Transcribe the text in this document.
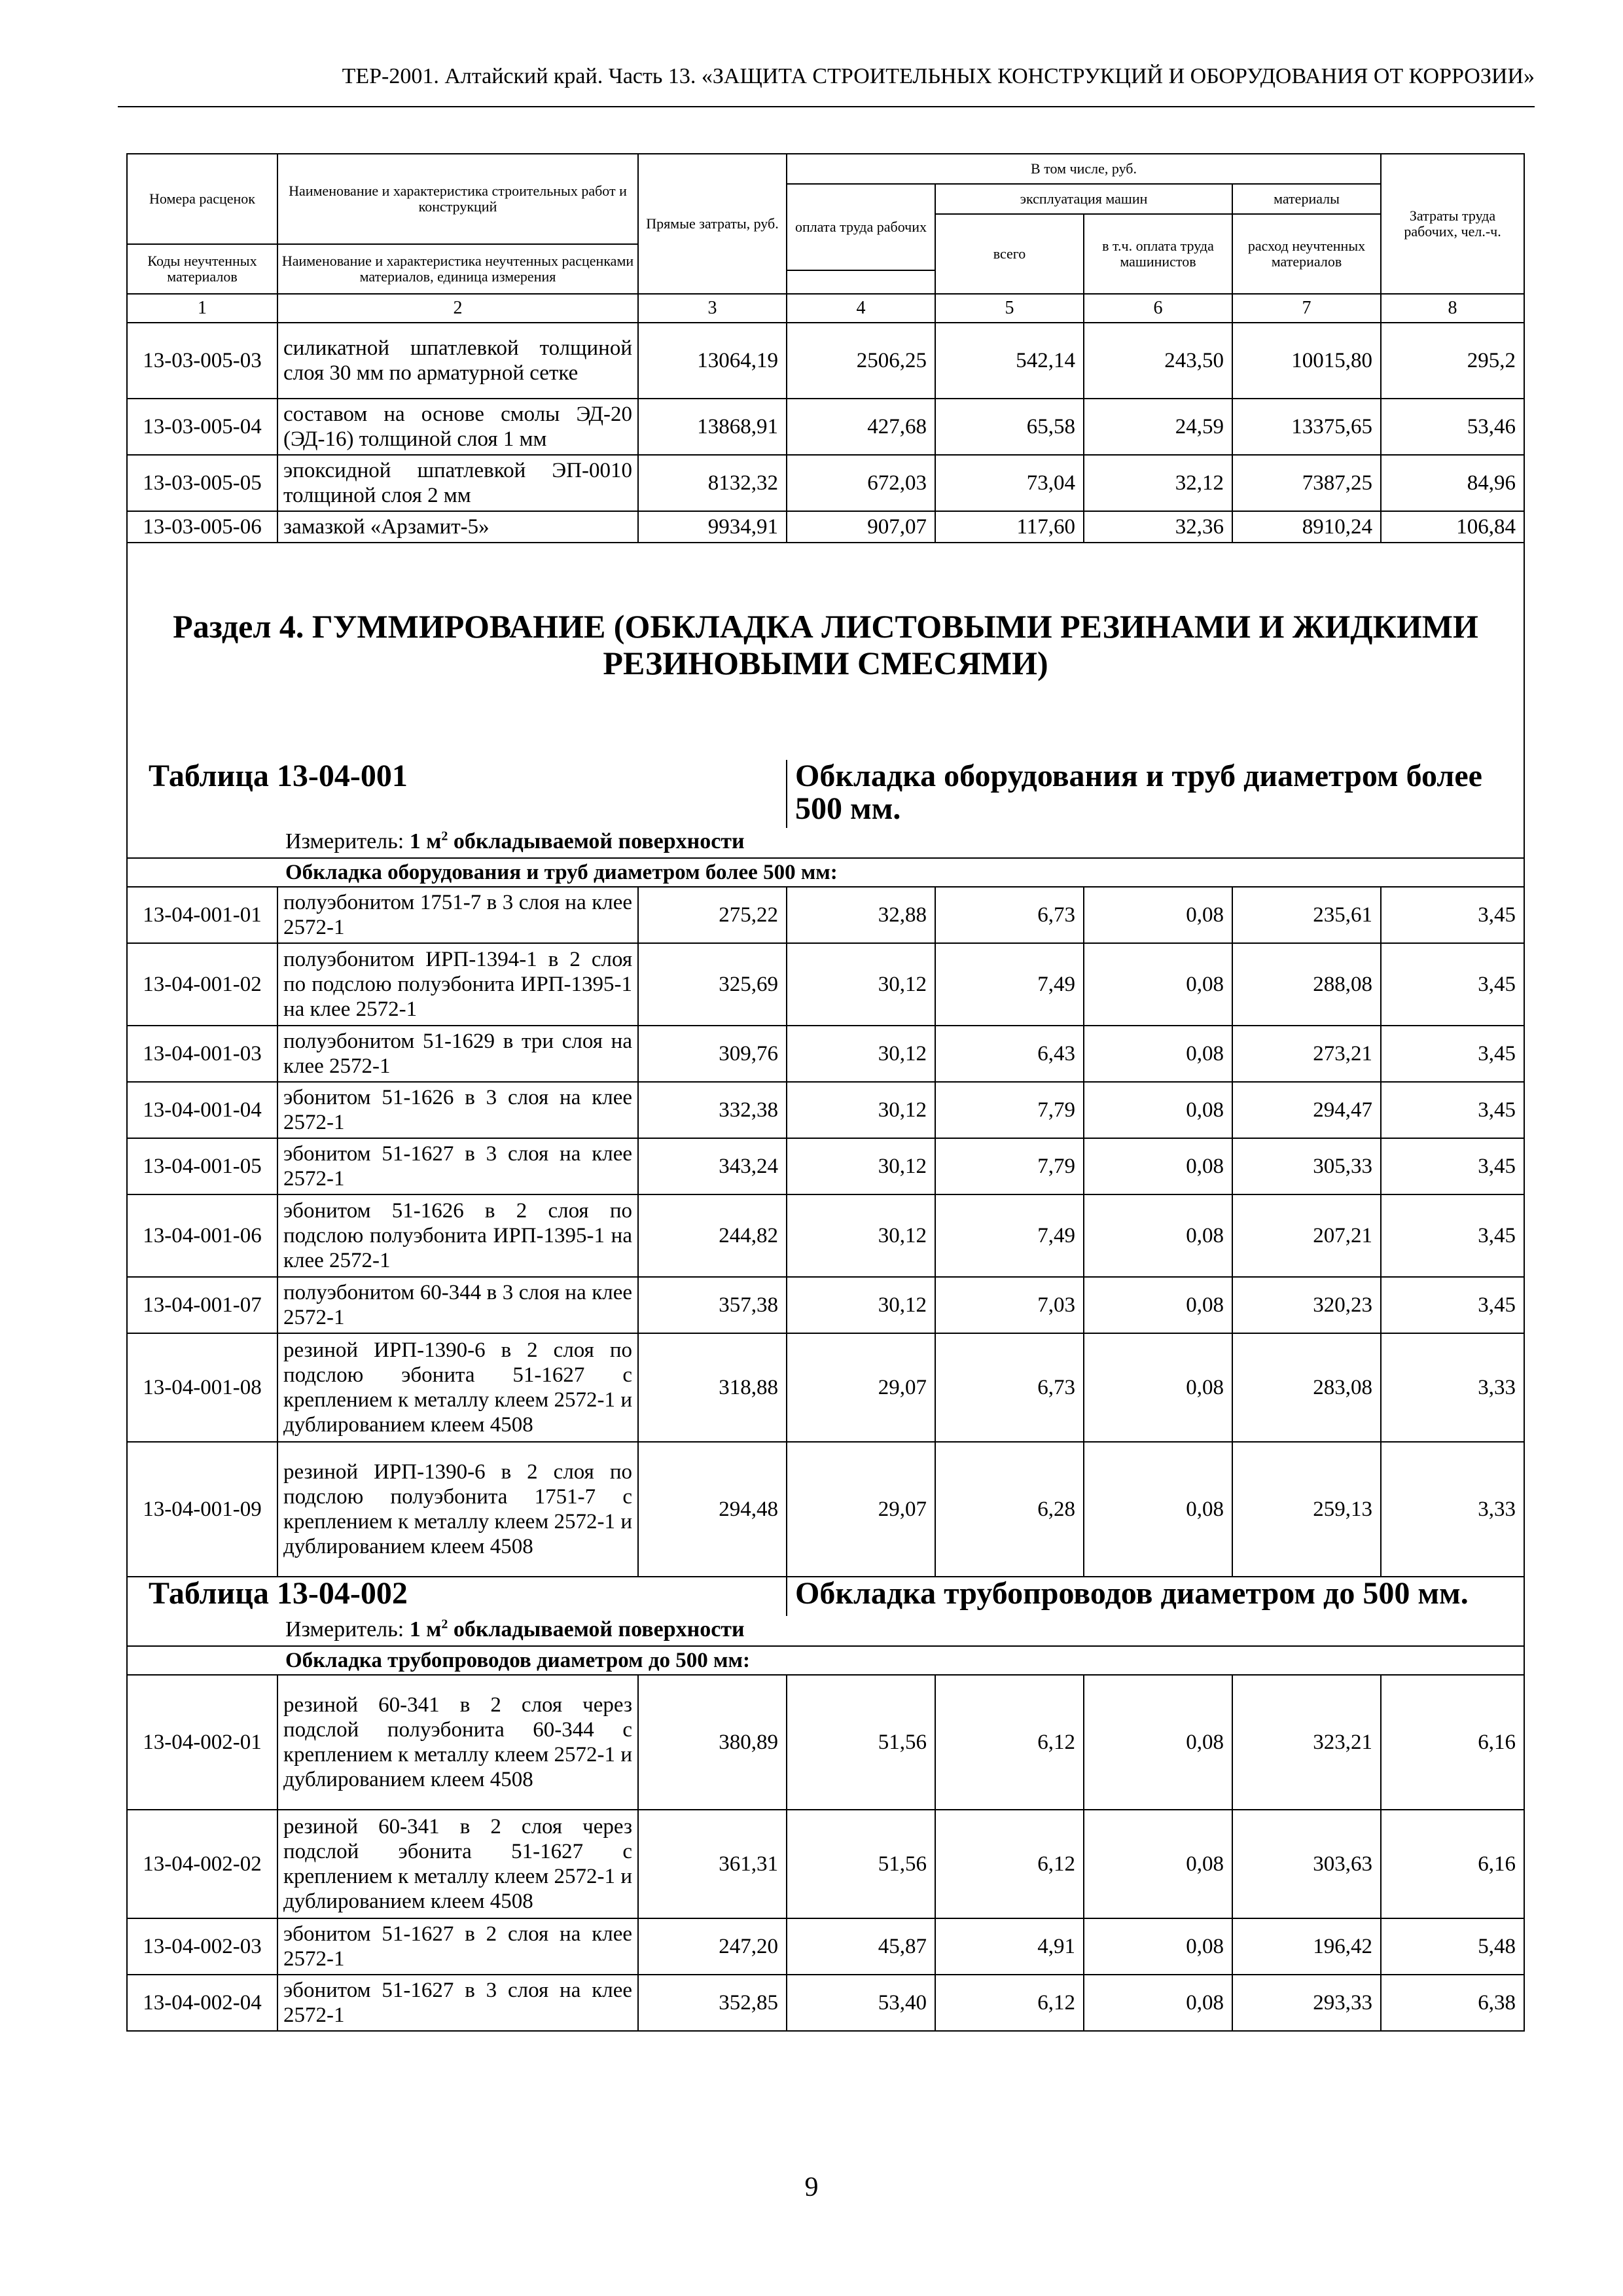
ТЕР-2001. Алтайский край. Часть 13. «ЗАЩИТА СТРОИТЕЛЬНЫХ КОНСТРУКЦИЙ И ОБОРУДОВАНИЯ ОТ КОРРОЗИИ»
Номера расценок	Наименование и характеристика строительных работ и конструкций	Прямые затраты, руб.	В том числе, руб.				Затраты труда рабочих, чел.-ч.
			оплата труда рабочих	эксплуатация машин		материалы	
				всего	в т.ч. оплата труда машинистов	расход неучтенных материалов	
Коды неучтенных материалов	Наименование и характеристика неучтенных расценками материалов, единица измерения						

1	2	3	4	5	6	7	8
13-03-005-03	силикатной шпатлевкой толщиной слоя 30 мм по арматурной сетке	13064,19	2506,25	542,14	243,50	10015,80	295,2
13-03-005-04	составом на основе смолы ЭД-20 (ЭД-16) толщиной слоя 1 мм	13868,91	427,68	65,58	24,59	13375,65	53,46
13-03-005-05	эпоксидной шпатлевкой ЭП-0010 толщиной слоя 2 мм	8132,32	672,03	73,04	32,12	7387,25	84,96
13-03-005-06	замазкой «Арзамит-5»	9934,91	907,07	117,60	32,36	8910,24	106,84

Раздел 4. ГУММИРОВАНИЕ (ОБКЛАДКА ЛИСТОВЫМИ РЕЗИНАМИ И ЖИДКИМИ РЕЗИНОВЫМИ СМЕСЯМИ)							

Таблица 13-04-001			Обкладка оборудования и труб диаметром более 500 мм.				
	Измеритель: 1 $м^2$ обкладываемой поверхности						
	Обкладка оборудования и труб диаметром более 500 мм:						
13-04-001-01	полуэбонитом 1751-7 в 3 слоя на клее 2572-1	275,22	32,88	6,73	0,08	235,61	3,45
13-04-001-02	полуэбонитом ИРП-1394-1 в 2 слоя по подслою полуэбонита ИРП-1395-1 на клее 2572-1	325,69	30,12	7,49	0,08	288,08	3,45
13-04-001-03	полуэбонитом 51-1629 в три слоя на клее 2572-1	309,76	30,12	6,43	0,08	273,21	3,45
13-04-001-04	эбонитом 51-1626 в 3 слоя на клее 2572-1	332,38	30,12	7,79	0,08	294,47	3,45
13-04-001-05	эбонитом 51-1627 в 3 слоя на клее 2572-1	343,24	30,12	7,79	0,08	305,33	3,45
13-04-001-06	эбонитом 51-1626 в 2 слоя по подслою полуэбонита ИРП-1395-1 на клее 2572-1	244,82	30,12	7,49	0,08	207,21	3,45
13-04-001-07	полуэбонитом 60-344 в 3 слоя на клее 2572-1	357,38	30,12	7,03	0,08	320,23	3,45
13-04-001-08	резиной ИРП-1390-6 в 2 слоя по подслою эбонита 51-1627 с креплением к металлу клеем 2572-1 и дублированием клеем 4508	318,88	29,07	6,73	0,08	283,08	3,33
13-04-001-09	резиной ИРП-1390-6 в 2 слоя по подслою полуэбонита 1751-7 с креплением к металлу клеем 2572-1 и дублированием клеем 4508	294,48	29,07	6,28	0,08	259,13	3,33
Таблица 13-04-002			Обкладка трубопроводов диаметром до 500 мм.				
	Измеритель: 1 $м^2$ обкладываемой поверхности						
	Обкладка трубопроводов диаметром до 500 мм:						
13-04-002-01	резиной 60-341 в 2 слоя через подслой полуэбонита 60-344 с креплением к металлу клеем 2572-1 и дублированием клеем 4508	380,89	51,56	6,12	0,08	323,21	6,16
13-04-002-02	резиной 60-341 в 2 слоя через подслой эбонита 51-1627 с креплением к металлу клеем 2572-1 и дублированием клеем 4508	361,31	51,56	6,12	0,08	303,63	6,16
13-04-002-03	эбонитом 51-1627 в 2 слоя на клее 2572-1	247,20	45,87	4,91	0,08	196,42	5,48
13-04-002-04	эбонитом 51-1627 в 3 слоя на клее 2572-1	352,85	53,40	6,12	0,08	293,33	6,38
9
